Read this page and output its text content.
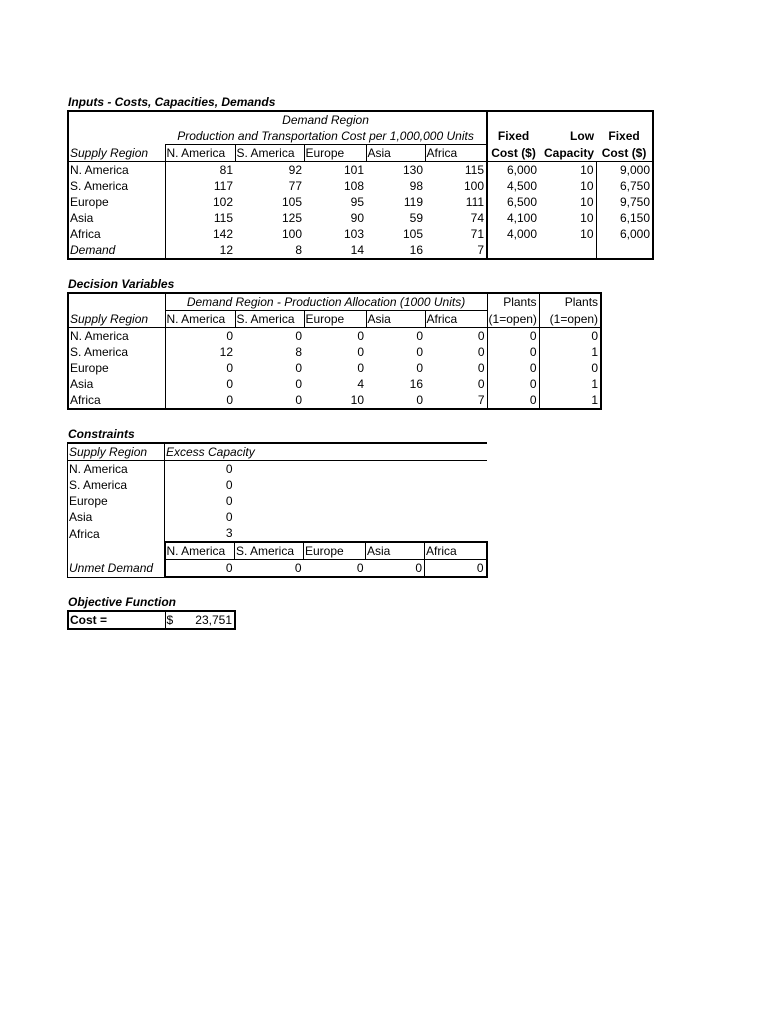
Inputs - Costs, Capacities, Demands
	Demand Region							
	Production and Transportation Cost per 1,000,000 Units					Fixed	Low	Fixed
Supply Region	N. America	S. America	Europe	Asia	Africa	Cost ($)	Capacity	Cost ($)
N. America	81	92	101	130	115	6,000	10	9,000
S. America	117	77	108	98	100	4,500	10	6,750
Europe	102	105	95	119	111	6,500	10	9,750
Asia	115	125	90	59	74	4,100	10	6,150
Africa	142	100	103	105	71	4,000	10	6,000
Demand	12	8	14	16	7			
Decision Variables
	Demand Region - Production Allocation (1000 Units)					Plants	Plants
Supply Region	N. America	S. America	Europe	Asia	Africa	(1=open)	(1=open)
N. America	0	0	0	0	0	0	0
S. America	12	8	0	0	0	0	1
Europe	0	0	0	0	0	0	0
Asia	0	0	4	16	0	0	1
Africa	0	0	10	0	7	0	1
Constraints
Supply Region	Excess Capacity				
N. America	0				
S. America	0				
Europe	0				
Asia	0				
Africa	3				
	N. America	S. America	Europe	Asia	Africa
Unmet Demand	0	0	0	0	0
Objective Function
Cost =	$	23,751
